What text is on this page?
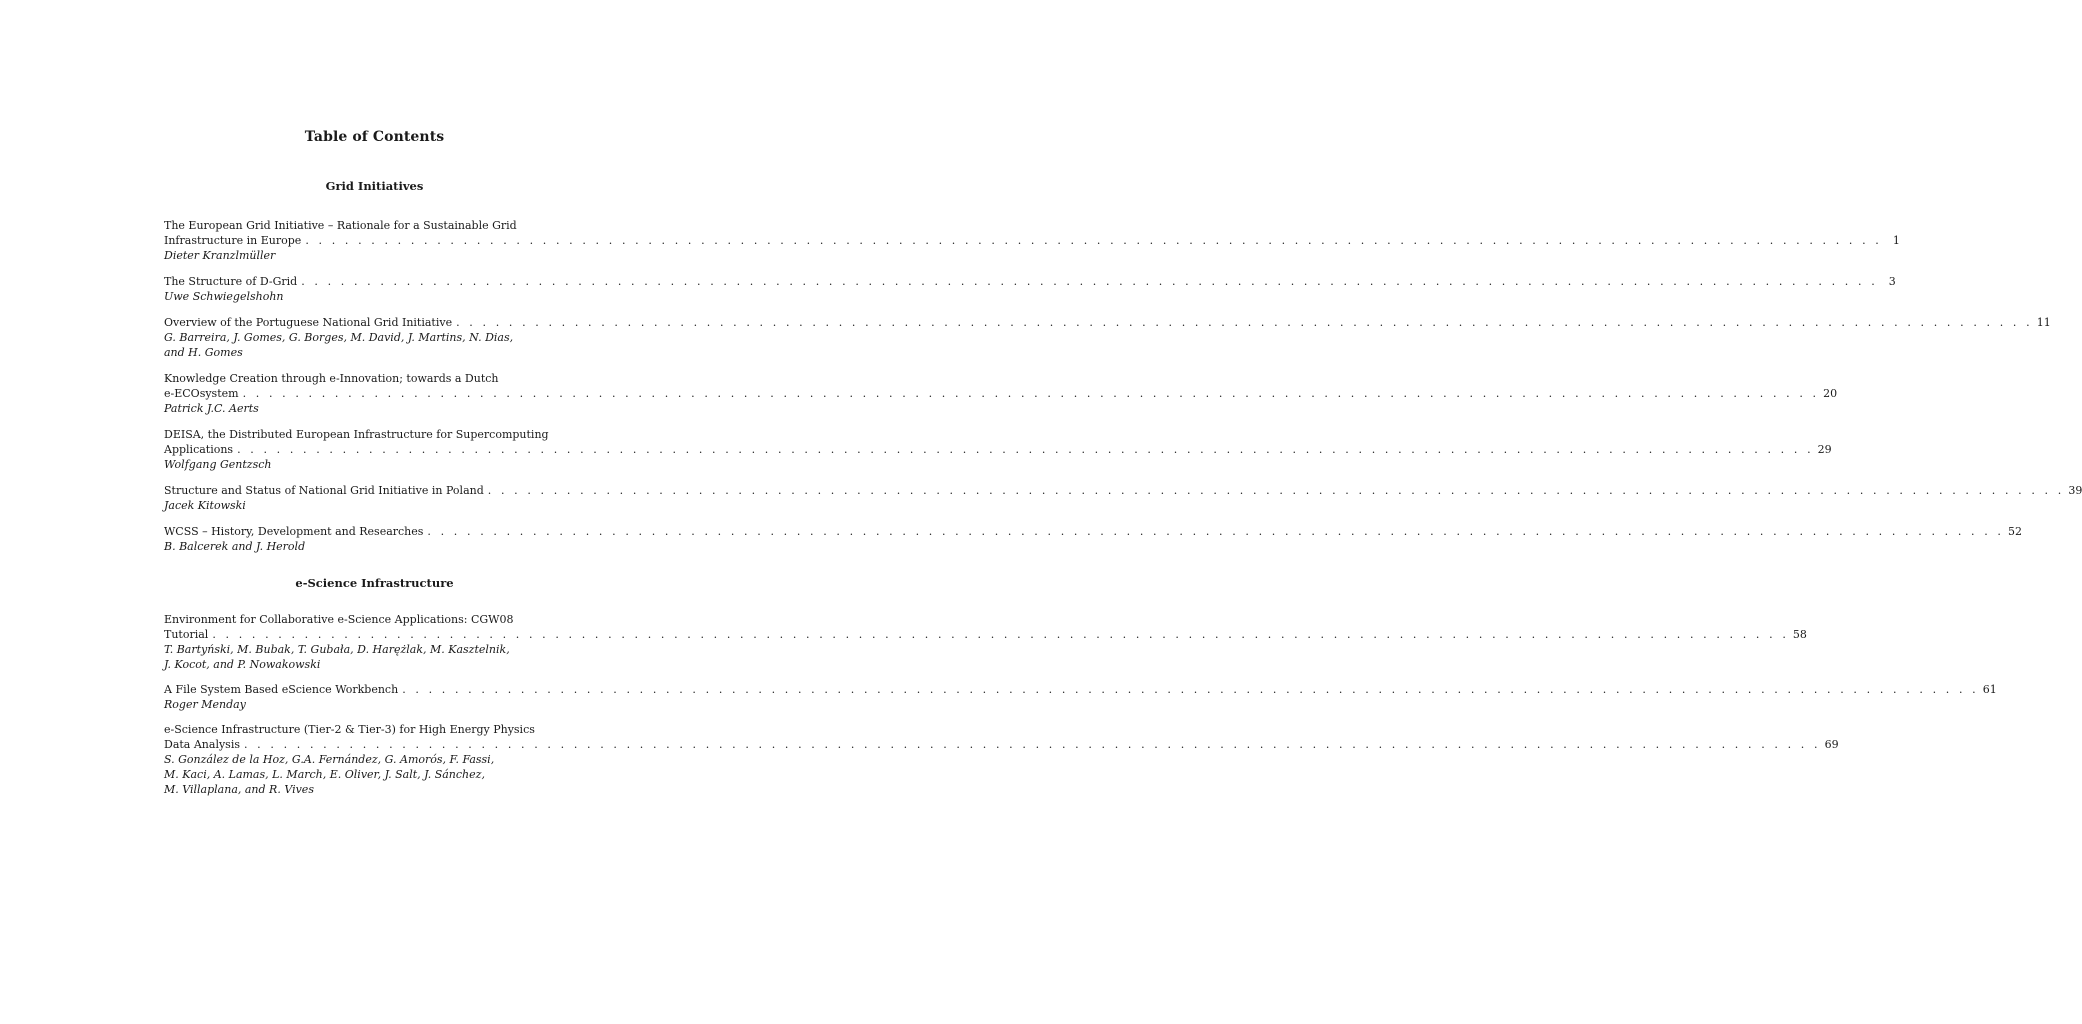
Table of Contents
Grid Initiatives
The European Grid Initiative – Rationale for a Sustainable Grid
Infrastructure in Europe . . . . . . . . . . . . . . . . . . . . . . . . . . . . . . . . . . . . . . . . . . . . . . . . . . . . . . . . . . . . . . . . . . . . . . . . . . . . . . . . . . . . . . . . . . . . . . . . . . . . . . . . . . . . . . . . . . . . . . . .	1
Dieter Kranzlmüller
The Structure of D-Grid . . . . . . . . . . . . . . . . . . . . . . . . . . . . . . . . . . . . . . . . . . . . . . . . . . . . . . . . . . . . . . . . . . . . . . . . . . . . . . . . . . . . . . . . . . . . . . . . . . . . . . . . . . . . . . . . . . . . . . . .	3
Uwe Schwiegelshohn
Overview of the Portuguese National Grid Initiative . . . . . . . . . . . . . . . . . . . . . . . . . . . . . . . . . . . . . . . . . . . . . . . . . . . . . . . . . . . . . . . . . . . . . . . . . . . . . . . . . . . . . . . . . . . . . . . . . . . . . . . . . . . . . . . . . . . . . . . . 11
G. Barreira, J. Gomes, G. Borges, M. David, J. Martins, N. Dias,
and H. Gomes
Knowledge Creation through e-Innovation; towards a Dutch
e-ECOsystem . . . . . . . . . . . . . . . . . . . . . . . . . . . . . . . . . . . . . . . . . . . . . . . . . . . . . . . . . . . . . . . . . . . . . . . . . . . . . . . . . . . . . . . . . . . . . . . . . . . . . . . . . . . . . . . . . . . . . . . . 20
Patrick J.C. Aerts
DEISA, the Distributed European Infrastructure for Supercomputing
Applications . . . . . . . . . . . . . . . . . . . . . . . . . . . . . . . . . . . . . . . . . . . . . . . . . . . . . . . . . . . . . . . . . . . . . . . . . . . . . . . . . . . . . . . . . . . . . . . . . . . . . . . . . . . . . . . . . . . . . . . . 29
Wolfgang Gentzsch
Structure and Status of National Grid Initiative in Poland . . . . . . . . . . . . . . . . . . . . . . . . . . . . . . . . . . . . . . . . . . . . . . . . . . . . . . . . . . . . . . . . . . . . . . . . . . . . . . . . . . . . . . . . . . . . . . . . . . . . . . . . . . . . . . . . . . . . . . . . 39
Jacek Kitowski
WCSS – History, Development and Researches . . . . . . . . . . . . . . . . . . . . . . . . . . . . . . . . . . . . . . . . . . . . . . . . . . . . . . . . . . . . . . . . . . . . . . . . . . . . . . . . . . . . . . . . . . . . . . . . . . . . . . . . . . . . . . . . . . . . . . . . 52
B. Balcerek and J. Herold
e-Science Infrastructure
Environment for Collaborative e-Science Applications: CGW08
Tutorial . . . . . . . . . . . . . . . . . . . . . . . . . . . . . . . . . . . . . . . . . . . . . . . . . . . . . . . . . . . . . . . . . . . . . . . . . . . . . . . . . . . . . . . . . . . . . . . . . . . . . . . . . . . . . . . . . . . . . . . . 58
T. Bartyński, M. Bubak, T. Gubała, D. Harężlak, M. Kasztelnik,
J. Kocot, and P. Nowakowski
A File System Based eScience Workbench . . . . . . . . . . . . . . . . . . . . . . . . . . . . . . . . . . . . . . . . . . . . . . . . . . . . . . . . . . . . . . . . . . . . . . . . . . . . . . . . . . . . . . . . . . . . . . . . . . . . . . . . . . . . . . . . . . . . . . . . 61
Roger Menday
e-Science Infrastructure (Tier-2 & Tier-3) for High Energy Physics
Data Analysis . . . . . . . . . . . . . . . . . . . . . . . . . . . . . . . . . . . . . . . . . . . . . . . . . . . . . . . . . . . . . . . . . . . . . . . . . . . . . . . . . . . . . . . . . . . . . . . . . . . . . . . . . . . . . . . . . . . . . . . . 69
S. González de la Hoz, G.A. Fernández, G. Amorós, F. Fassi,
M. Kaci, A. Lamas, L. March, E. Oliver, J. Salt, J. Sánchez,
M. Villaplana, and R. Vives
